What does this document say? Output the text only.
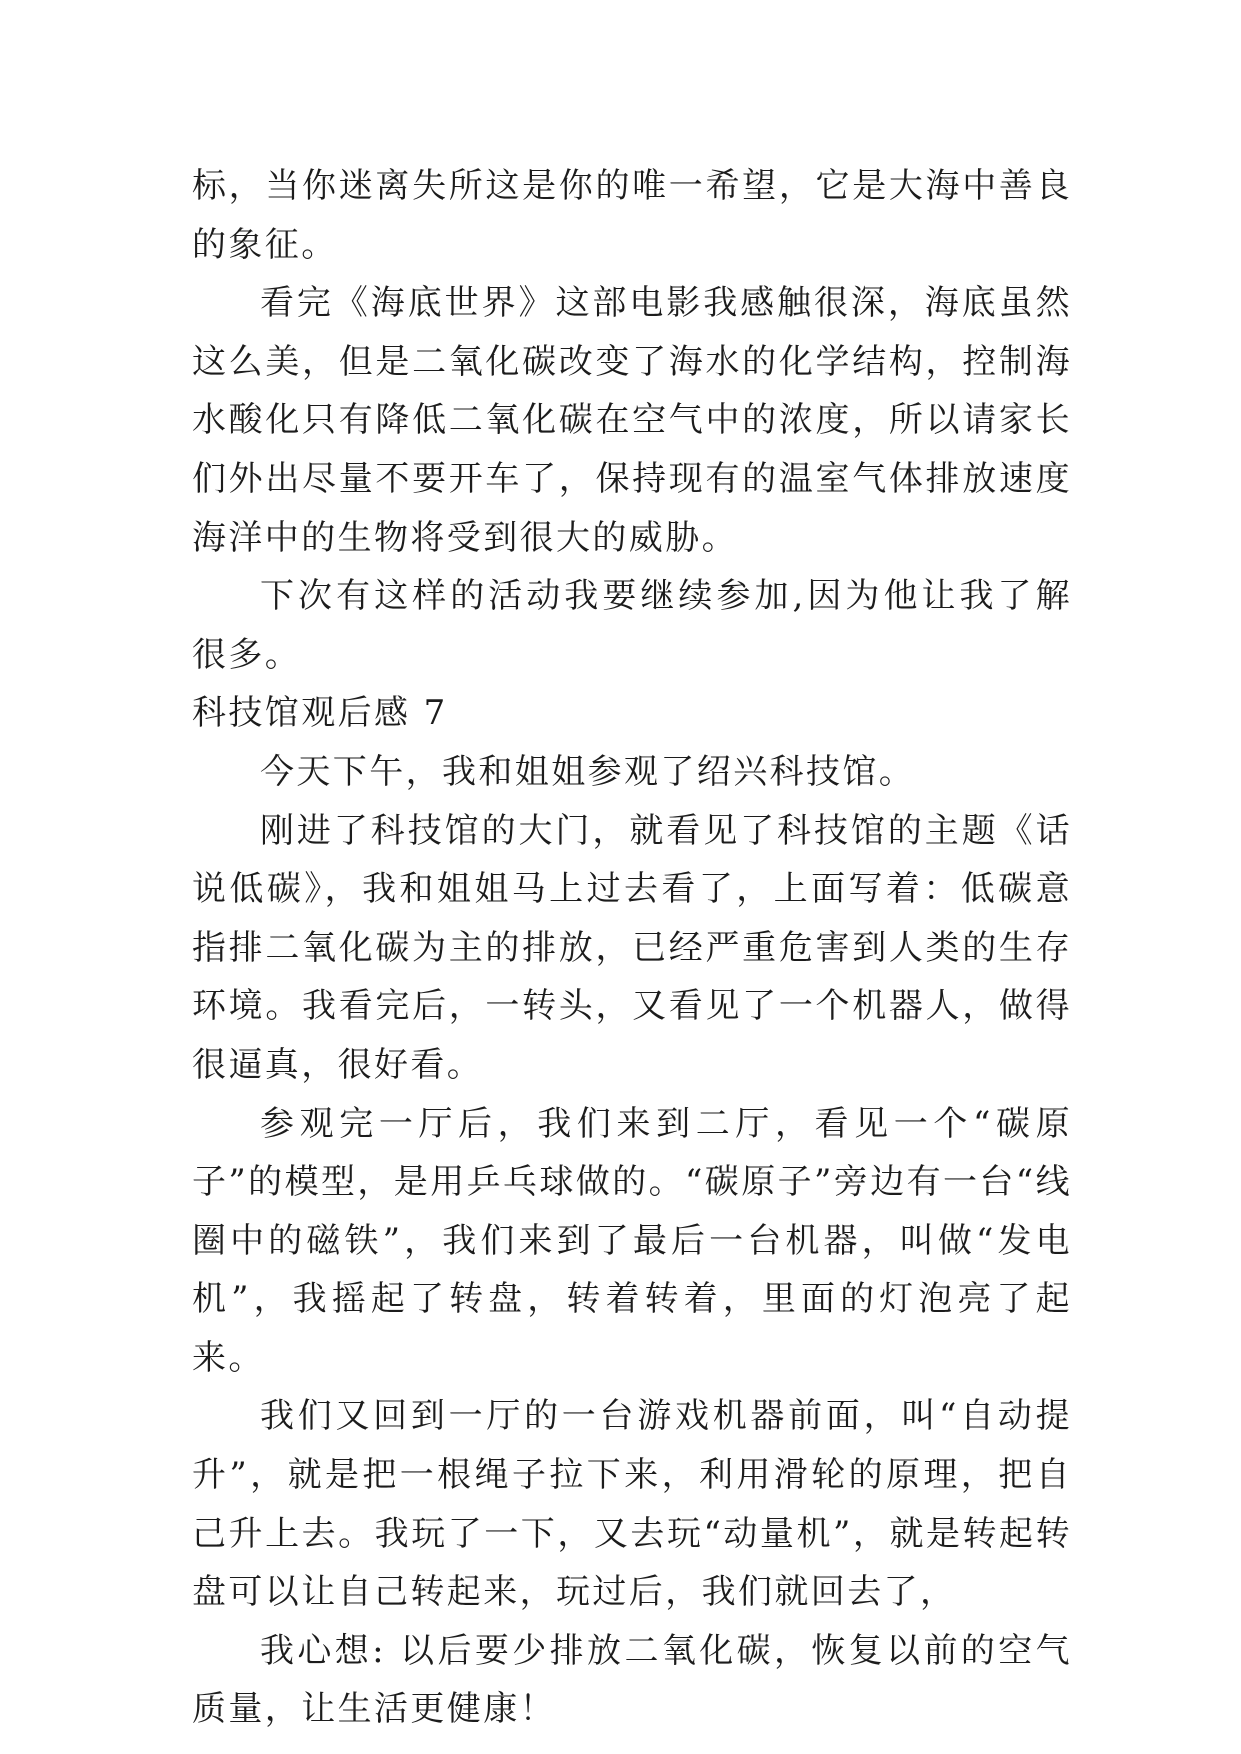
标，当你迷离失所这是你的唯一希望，它是大海中善良的象征。

看完《海底世界》这部电影我感触很深，海底虽然这么美，但是二氧化碳改变了海水的化学结构，控制海水酸化只有降低二氧化碳在空气中的浓度，所以请家长们外出尽量不要开车了，保持现有的温室气体排放速度海洋中的生物将受到很大的威胁。

下次有这样的活动我要继续参加,因为他让我了解很多。

科技馆观后感 7

今天下午，我和姐姐参观了绍兴科技馆。

刚进了科技馆的大门，就看见了科技馆的主题《话说低碳》，我和姐姐马上过去看了，上面写着：低碳意指排二氧化碳为主的排放，已经严重危害到人类的生存环境。我看完后，一转头，又看见了一个机器人，做得很逼真，很好看。

参观完一厅后，我们来到二厅，看见一个“碳原子”的模型，是用乒乓球做的。“碳原子”旁边有一台“线圈中的磁铁”，我们来到了最后一台机器，叫做“发电机”，我摇起了转盘，转着转着，里面的灯泡亮了起来。

我们又回到一厅的一台游戏机器前面，叫“自动提升”，就是把一根绳子拉下来，利用滑轮的原理，把自己升上去。我玩了一下，又去玩“动量机”，就是转起转盘可以让自己转起来，玩过后，我们就回去了，

我心想: 以后要少排放二氧化碳，恢复以前的空气质量，让生活更健康！
